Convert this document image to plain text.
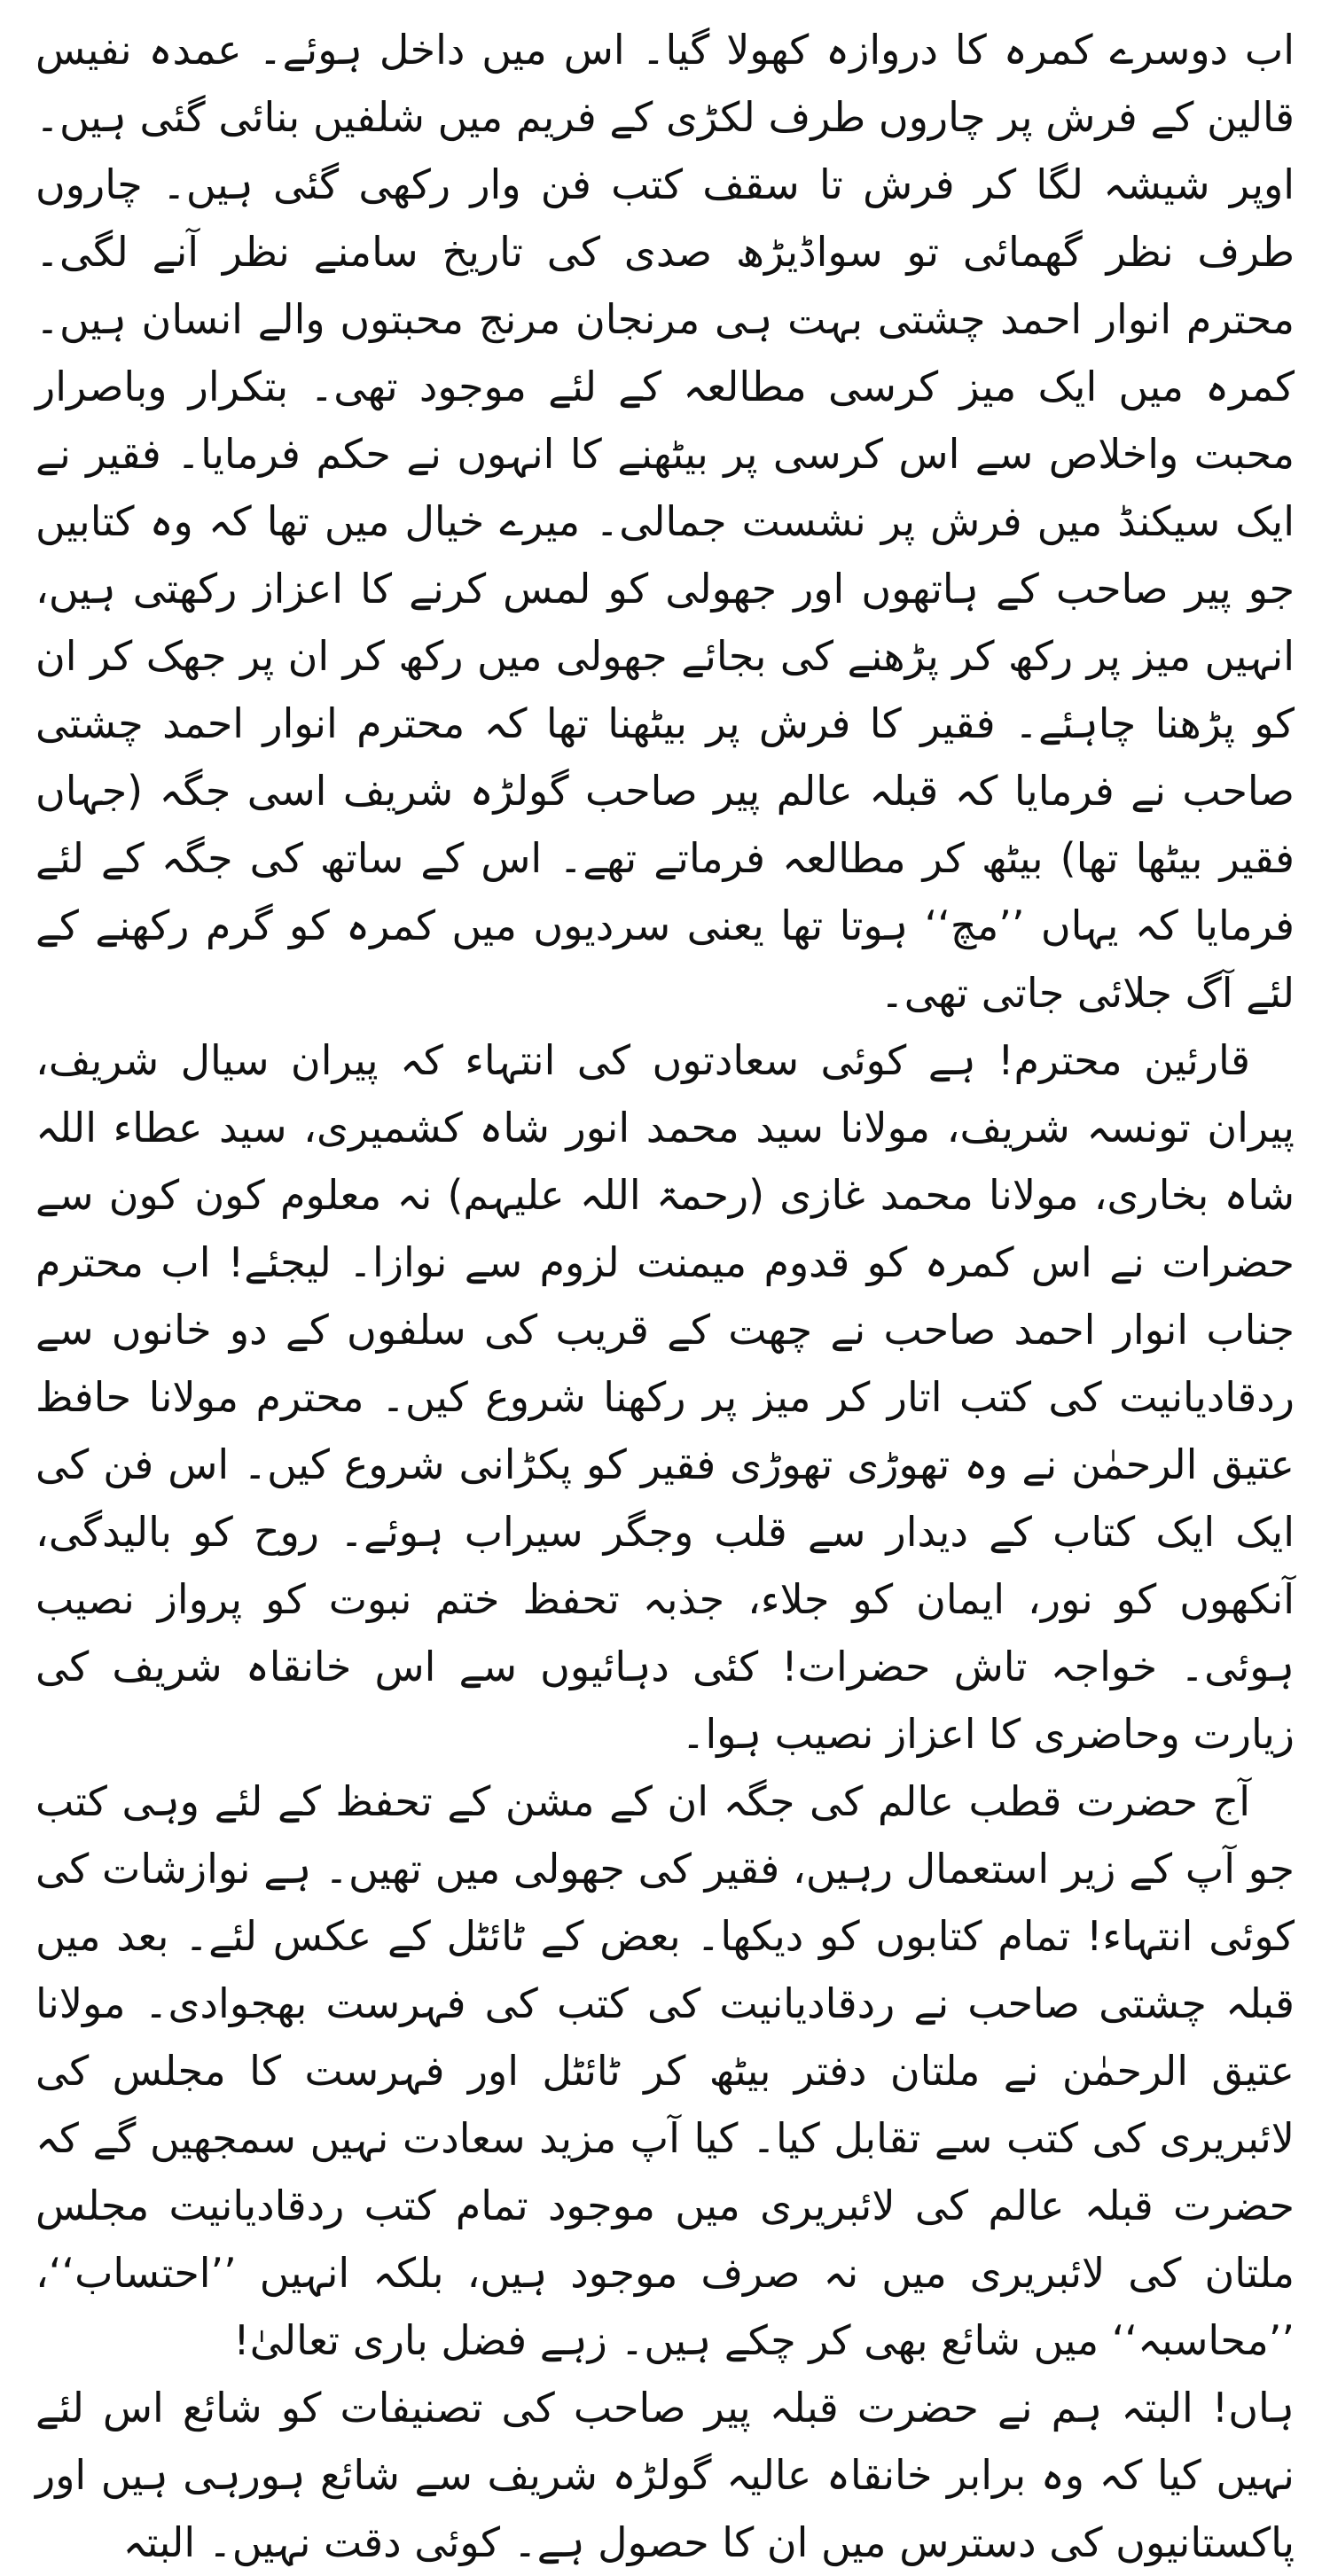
اب دوسرے کمرہ کا دروازہ کھولا گیا۔ اس میں داخل ہوئے۔ عمدہ نفیس قالین کے فرش پر چاروں طرف لکڑی کے فریم میں شلفیں بنائی گئی ہیں۔ اوپر شیشہ لگا کر فرش تا سقف کتب فن وار رکھی گئی ہیں۔ چاروں طرف نظر گھمائی تو سواڈیڑھ صدی کی تاریخ سامنے نظر آنے لگی۔ محترم انوار احمد چشتی بہت ہی مرنجان مرنج محبتوں والے انسان ہیں۔ کمرہ میں ایک میز کرسی مطالعہ کے لئے موجود تھی۔ بتکرار وباصرار محبت واخلاص سے اس کرسی پر بیٹھنے کا انہوں نے حکم فرمایا۔ فقیر نے ایک سیکنڈ میں فرش پر نشست جمالی۔ میرے خیال میں تھا کہ وہ کتابیں جو پیر صاحب کے ہاتھوں اور جھولی کو لمس کرنے کا اعزاز رکھتی ہیں، انہیں میز پر رکھ کر پڑھنے کی بجائے جھولی میں رکھ کر ان پر جھک کر ان کو پڑھنا چاہئے۔ فقیر کا فرش پر بیٹھنا تھا کہ محترم انوار احمد چشتی صاحب نے فرمایا کہ قبلہ عالم پیر صاحب گولڑہ شریف اسی جگہ (جہاں فقیر بیٹھا تھا) بیٹھ کر مطالعہ فرماتے تھے۔ اس کے ساتھ کی جگہ کے لئے فرمایا کہ یہاں ’’مچ‘‘ ہوتا تھا یعنی سردیوں میں کمرہ کو گرم رکھنے کے لئے آگ جلائی جاتی تھی۔

قارئین محترم! ہے کوئی سعادتوں کی انتہاء کہ پیران سیال شریف، پیران تونسہ شریف، مولانا سید محمد انور شاہ کشمیری، سید عطاء اللہ شاہ بخاری، مولانا محمد غازی (رحمۃ اللہ علیہم) نہ معلوم کون کون سے حضرات نے اس کمرہ کو قدوم میمنت لزوم سے نوازا۔ لیجئے! اب محترم جناب انوار احمد صاحب نے چھت کے قریب کی سلفوں کے دو خانوں سے ردقادیانیت کی کتب اتار کر میز پر رکھنا شروع کیں۔ محترم مولانا حافظ عتیق الرحمٰن نے وہ تھوڑی تھوڑی فقیر کو پکڑانی شروع کیں۔ اس فن کی ایک ایک کتاب کے دیدار سے قلب وجگر سیراب ہوئے۔ روح کو بالیدگی، آنکھوں کو نور، ایمان کو جلاء، جذبہ تحفظ ختم نبوت کو پرواز نصیب ہوئی۔ خواجہ تاش حضرات! کئی دہائیوں سے اس خانقاہ شریف کی زیارت وحاضری کا اعزاز نصیب ہوا۔

آج حضرت قطب عالم کی جگہ ان کے مشن کے تحفظ کے لئے وہی کتب جو آپ کے زیر استعمال رہیں، فقیر کی جھولی میں تھیں۔ ہے نوازشات کی کوئی انتہاء! تمام کتابوں کو دیکھا۔ بعض کے ٹائٹل کے عکس لئے۔ بعد میں قبلہ چشتی صاحب نے ردقادیانیت کی کتب کی فہرست بھجوادی۔ مولانا عتیق الرحمٰن نے ملتان دفتر بیٹھ کر ٹائٹل اور فہرست کا مجلس کی لائبریری کی کتب سے تقابل کیا۔ کیا آپ مزید سعادت نہیں سمجھیں گے کہ حضرت قبلہ عالم کی لائبریری میں موجود تمام کتب ردقادیانیت مجلس ملتان کی لائبریری میں نہ صرف موجود ہیں، بلکہ انہیں ’’احتساب‘‘، ’’محاسبہ‘‘ میں شائع بھی کر چکے ہیں۔ زہے فضل باری تعالیٰ!

ہاں! البتہ ہم نے حضرت قبلہ پیر صاحب کی تصنیفات کو شائع اس لئے نہیں کیا کہ وہ برابر خانقاہ عالیہ گولڑہ شریف سے شائع ہورہی ہیں اور پاکستانیوں کی دسترس میں ان کا حصول ہے۔ کوئی دقت نہیں۔ البتہ
